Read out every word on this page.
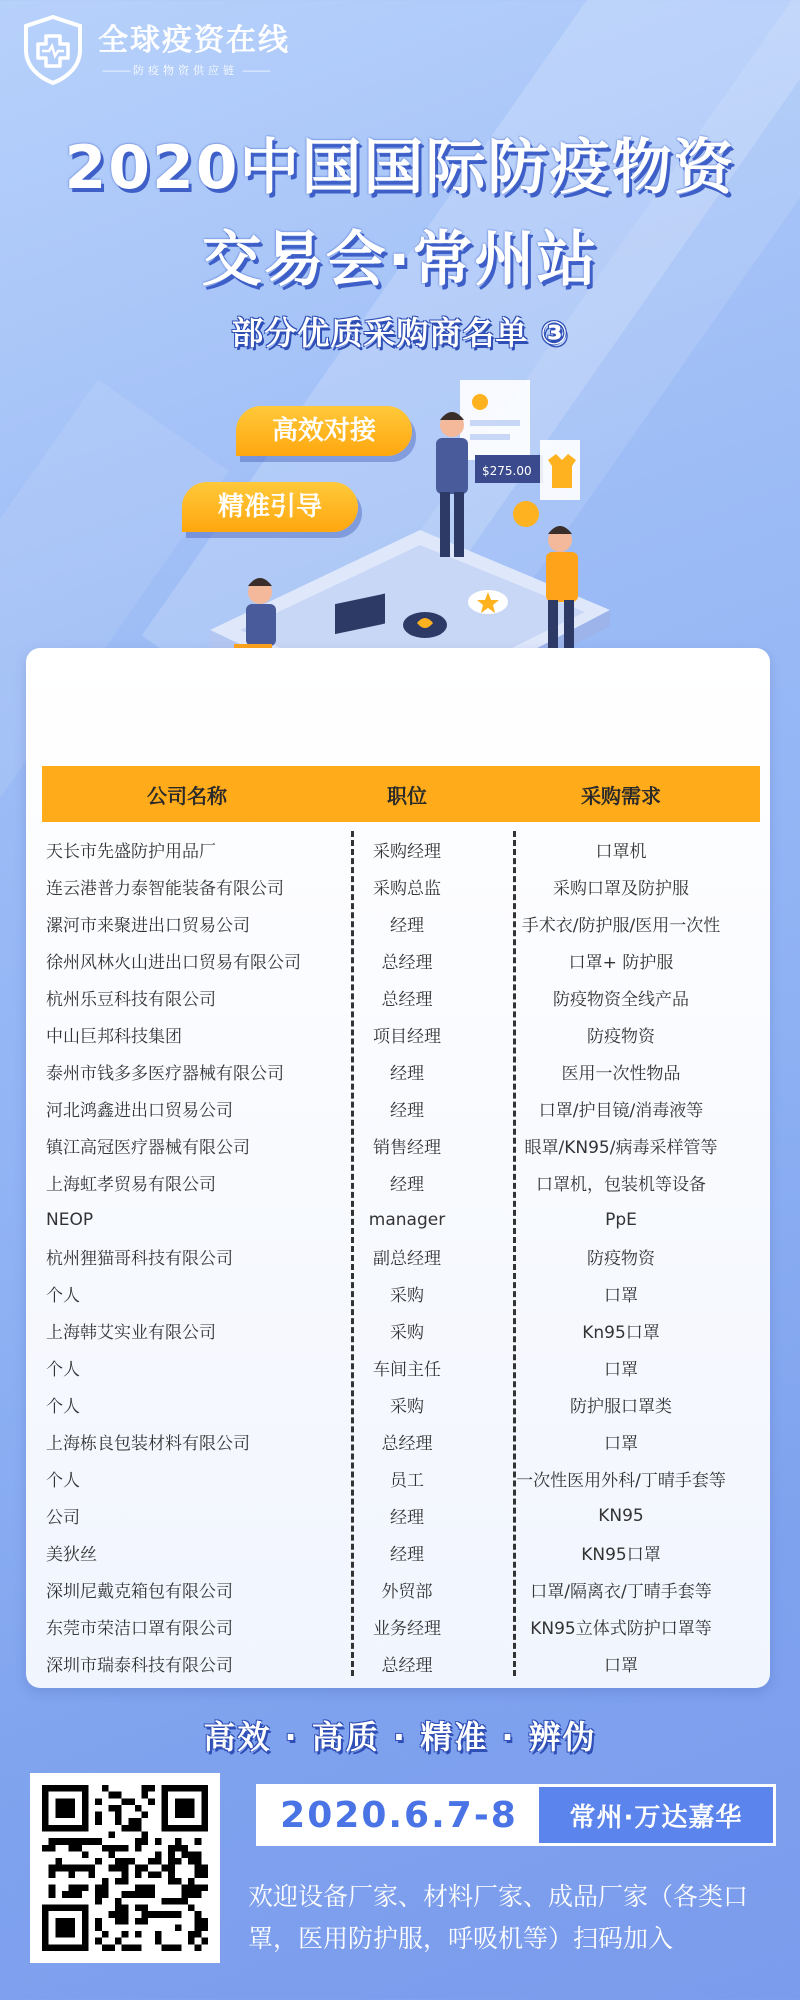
全球疫资在线
——— 防疫物资供应链 ———
2020中国国际防疫物资
交易会·常州站
部分优质采购商名单 ③
高效对接
精准引导
$275.00
公司名称	职位	采购需求
天长市先盛防护用品厂	采购经理	口罩机
连云港普力泰智能装备有限公司	采购总监	采购口罩及防护服
漯河市来聚进出口贸易公司	经理	手术衣/防护服/医用一次性
徐州风林火山进出口贸易有限公司	总经理	口罩+ 防护服
杭州乐豆科技有限公司	总经理	防疫物资全线产品
中山巨邦科技集团	项目经理	防疫物资
泰州市钱多多医疗器械有限公司	经理	医用一次性物品
河北鸿鑫进出口贸易公司	经理	口罩/护目镜/消毒液等
镇江高冠医疗器械有限公司	销售经理	眼罩/KN95/病毒采样管等
上海虹孝贸易有限公司	经理	口罩机，包装机等设备
NEOP	manager	PpE
杭州狸猫哥科技有限公司	副总经理	防疫物资
个人	采购	口罩
上海韩艾实业有限公司	采购	Kn95口罩
个人	车间主任	口罩
个人	采购	防护服口罩类
上海栋良包装材料有限公司	总经理	口罩
个人	员工	一次性医用外科/丁晴手套等
公司	经理	KN95
美狄丝	经理	KN95口罩
深圳尼戴克箱包有限公司	外贸部	口罩/隔离衣/丁晴手套等
东莞市荣洁口罩有限公司	业务经理	KN95立体式防护口罩等
深圳市瑞泰科技有限公司	总经理	口罩
高效 · 高质 · 精准 · 辨伪
2020.6.7-8	常州·万达嘉华
欢迎设备厂家、材料厂家、成品厂家（各类口罩，医用防护服，呼吸机等）扫码加入
